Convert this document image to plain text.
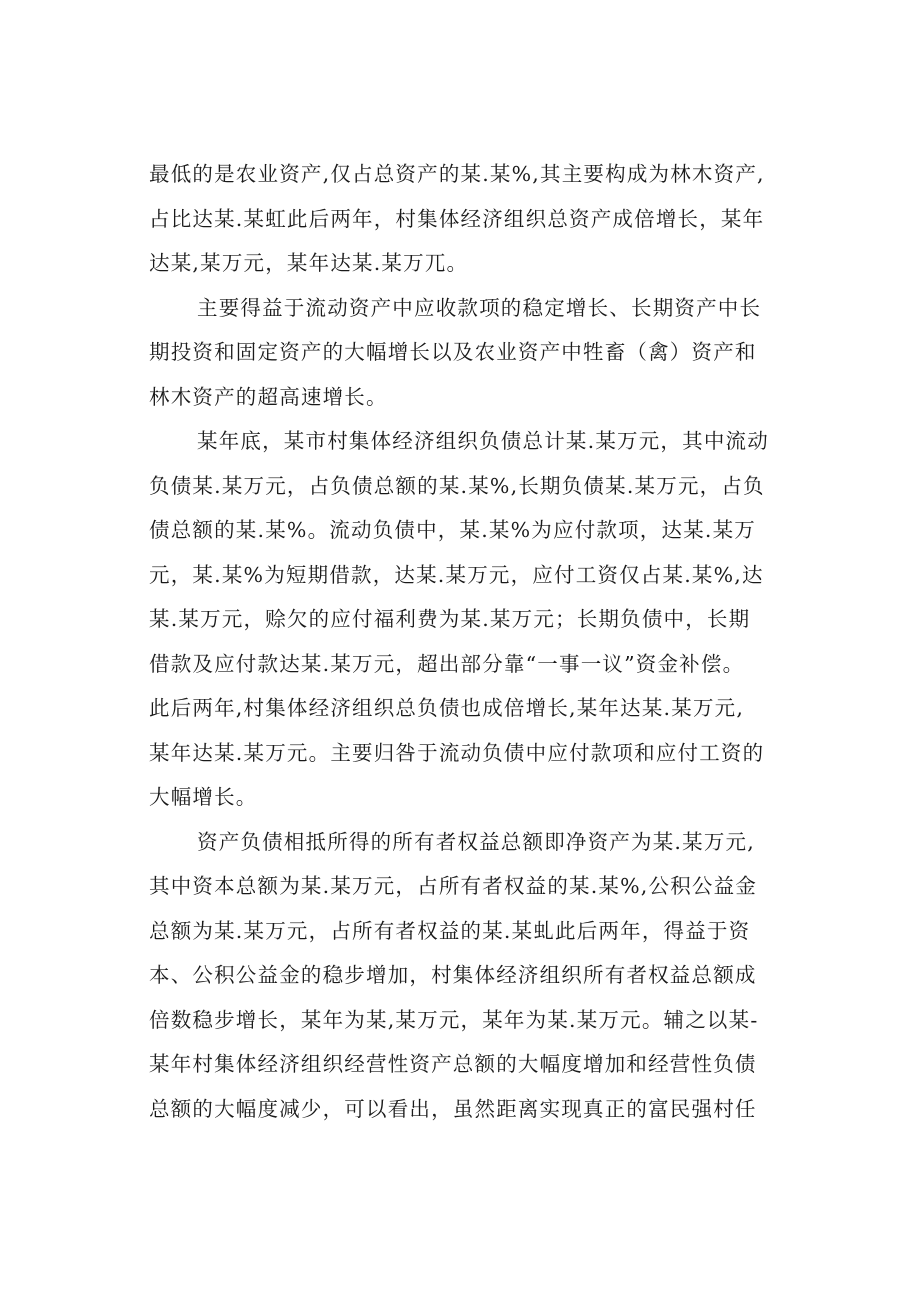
最低的是农业资产,仅占总资产的某.某%,其主要构成为林木资产,
占比达某.某虹此后两年，村集体经济组织总资产成倍增长，某年
达某,某万元，某年达某.某万兀。
主要得益于流动资产中应收款项的稳定增长、长期资产中长
期投资和固定资产的大幅增长以及农业资产中牲畜（禽）资产和
林木资产的超高速增长。
某年底，某市村集体经济组织负债总计某.某万元，其中流动
负债某.某万元，占负债总额的某.某%,长期负债某.某万元，占负
债总额的某.某%。流动负债中，某.某%为应付款项，达某.某万
元，某.某%为短期借款，达某.某万元，应付工资仅占某.某%,达
某.某万元，赊欠的应付福利费为某.某万元；长期负债中，长期
借款及应付款达某.某万元，超出部分靠“一事一议”资金补偿。
此后两年,村集体经济组织总负债也成倍增长,某年达某.某万元,
某年达某.某万元。主要归咎于流动负债中应付款项和应付工资的
大幅增长。
资产负债相抵所得的所有者权益总额即净资产为某.某万元,
其中资本总额为某.某万元，占所有者权益的某.某%,公积公益金
总额为某.某万元，占所有者权益的某.某虬此后两年，得益于资
本、公积公益金的稳步增加，村集体经济组织所有者权益总额成
倍数稳步增长，某年为某,某万元，某年为某.某万元。辅之以某-
某年村集体经济组织经营性资产总额的大幅度增加和经营性负债
总额的大幅度减少，可以看出，虽然距离实现真正的富民强村任
